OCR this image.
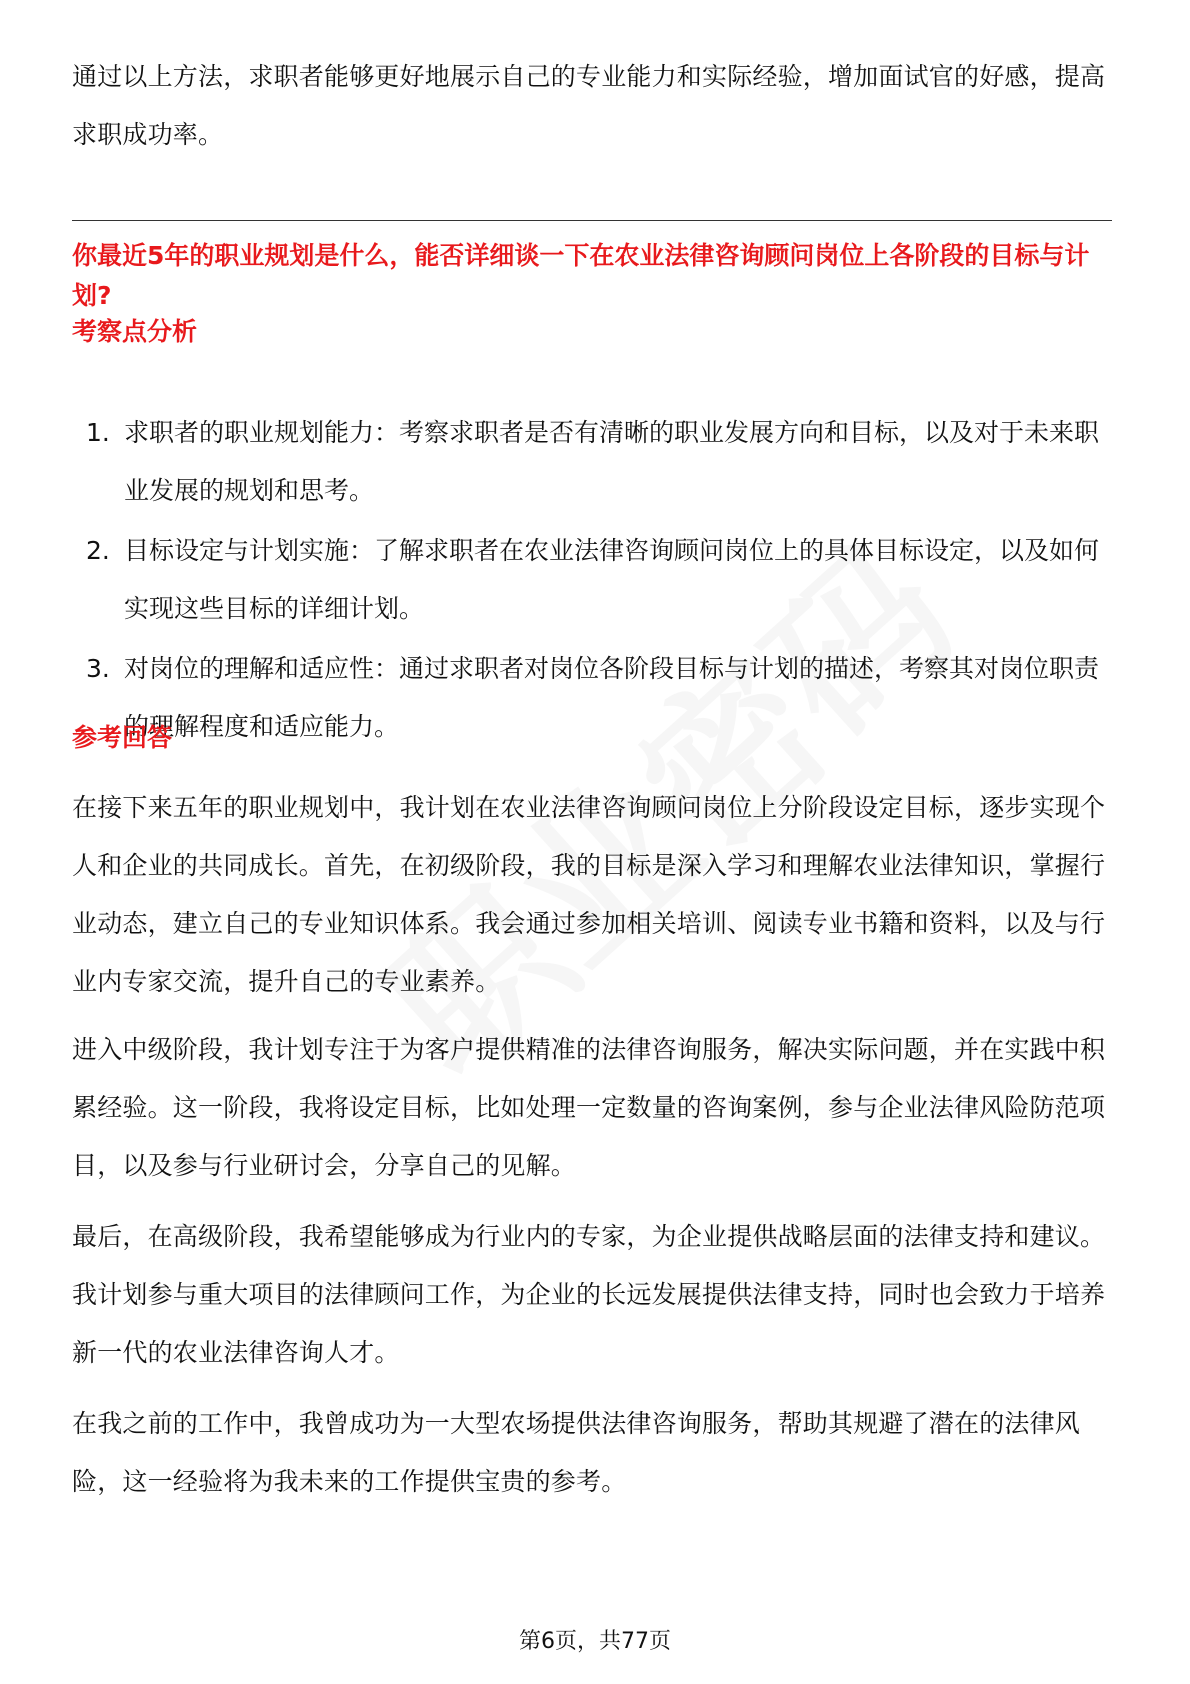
通过以上方法，求职者能够更好地展示自己的专业能力和实际经验，增加面试官的好感，提高求职成功率。

你最近5年的职业规划是什么，能否详细谈一下在农业法律咨询顾问岗位上各阶段的目标与计划?

考察点分析

1. 求职者的职业规划能力：考察求职者是否有清晰的职业发展方向和目标，以及对于未来职业发展的规划和思考。
2. 目标设定与计划实施：了解求职者在农业法律咨询顾问岗位上的具体目标设定，以及如何实现这些目标的详细计划。
3. 对岗位的理解和适应性：通过求职者对岗位各阶段目标与计划的描述，考察其对岗位职责的理解程度和适应能力。

参考回答

在接下来五年的职业规划中，我计划在农业法律咨询顾问岗位上分阶段设定目标，逐步实现个人和企业的共同成长。首先，在初级阶段，我的目标是深入学习和理解农业法律知识，掌握行业动态，建立自己的专业知识体系。我会通过参加相关培训、阅读专业书籍和资料，以及与行业内专家交流，提升自己的专业素养。

进入中级阶段，我计划专注于为客户提供精准的法律咨询服务，解决实际问题，并在实践中积累经验。这一阶段，我将设定目标，比如处理一定数量的咨询案例，参与企业法律风险防范项目，以及参与行业研讨会，分享自己的见解。

最后，在高级阶段，我希望能够成为行业内的专家，为企业提供战略层面的法律支持和建议。我计划参与重大项目的法律顾问工作，为企业的长远发展提供法律支持，同时也会致力于培养新一代的农业法律咨询人才。

在我之前的工作中，我曾成功为一大型农场提供法律咨询服务，帮助其规避了潜在的法律风险，这一经验将为我未来的工作提供宝贵的参考。

第6页，共77页
